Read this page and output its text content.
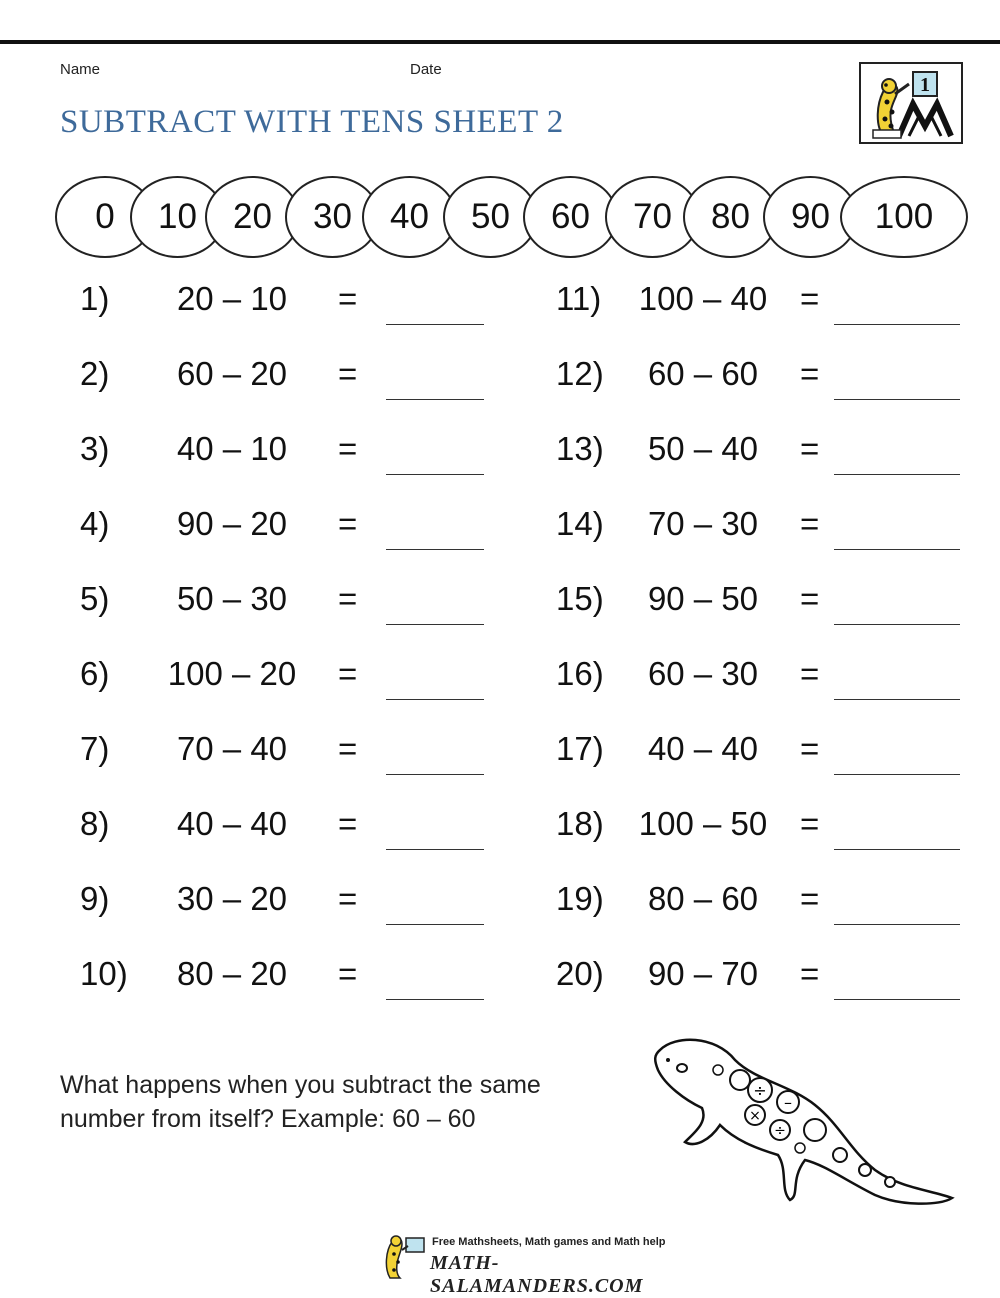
Name	Date
SUBTRACT WITH TENS SHEET 2
1
0	10	20	30	40	50	60	70	80	90	100
1)	20 – 10	=
2)	60 – 20	=
3)	40 – 10	=
4)	90 – 20	=
5)	50 – 30	=
6)	100 – 20	=
7)	70 – 40	=
8)	40 – 40	=
9)	30 – 20	=
10)	80 – 20	=
11)	100 – 40 =
12)	60 – 60	=
13)	50 – 40	=
14)	70 – 30	=
15)	90 – 50	=
16)	60 – 30	=
17)	40 – 40	=
18)	100 – 50 =
19)	80 – 60	=
20)	90 – 70	=
What happens when you subtract the same
number from itself? Example: 60 – 60
÷
–
×
÷
Free Mathsheets, Math games and Math help
MATH-SALAMANDERS.COM
